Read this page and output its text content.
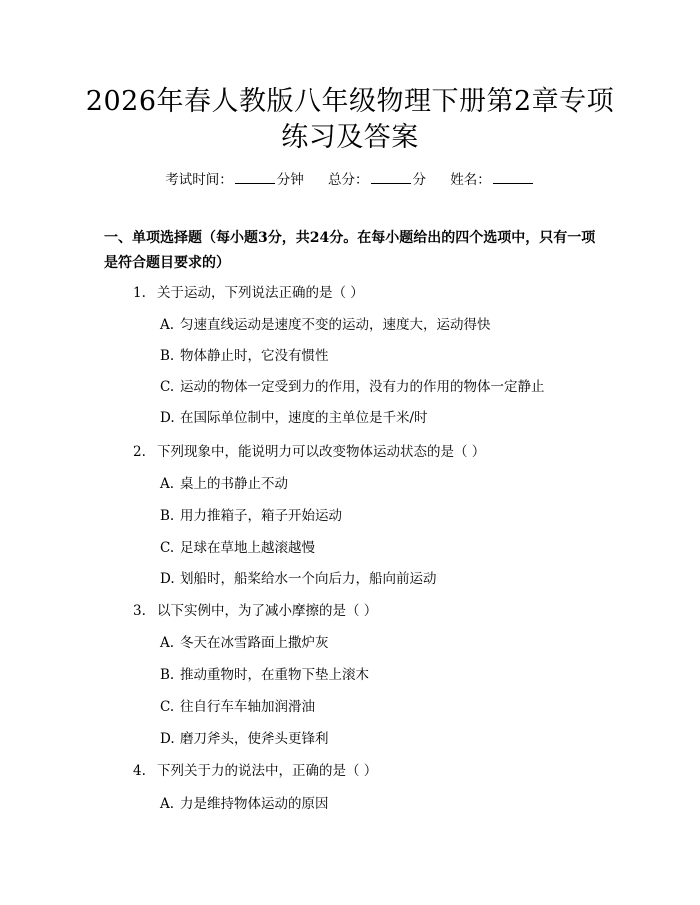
2026年春人教版八年级物理下册第2章专项
练习及答案
考试时间：	分钟 总分：	分 姓名：
一、单项选择题（每小题3分，共24分。在每小题给出的四个选项中，只有一项是符合题目要求的）
1. 关于运动，下列说法正确的是（ ）
A. 匀速直线运动是速度不变的运动，速度大，运动得快
B. 物体静止时，它没有惯性
C. 运动的物体一定受到力的作用，没有力的作用的物体一定静止
D. 在国际单位制中，速度的主单位是千米/时
2. 下列现象中，能说明力可以改变物体运动状态的是（ ）
A. 桌上的书静止不动
B. 用力推箱子，箱子开始运动
C. 足球在草地上越滚越慢
D. 划船时，船桨给水一个向后力，船向前运动
3. 以下实例中，为了减小摩擦的是（ ）
A. 冬天在冰雪路面上撒炉灰
B. 推动重物时，在重物下垫上滚木
C. 往自行车车轴加润滑油
D. 磨刀斧头，使斧头更锋利
4. 下列关于力的说法中，正确的是（ ）
A. 力是维持物体运动的原因
